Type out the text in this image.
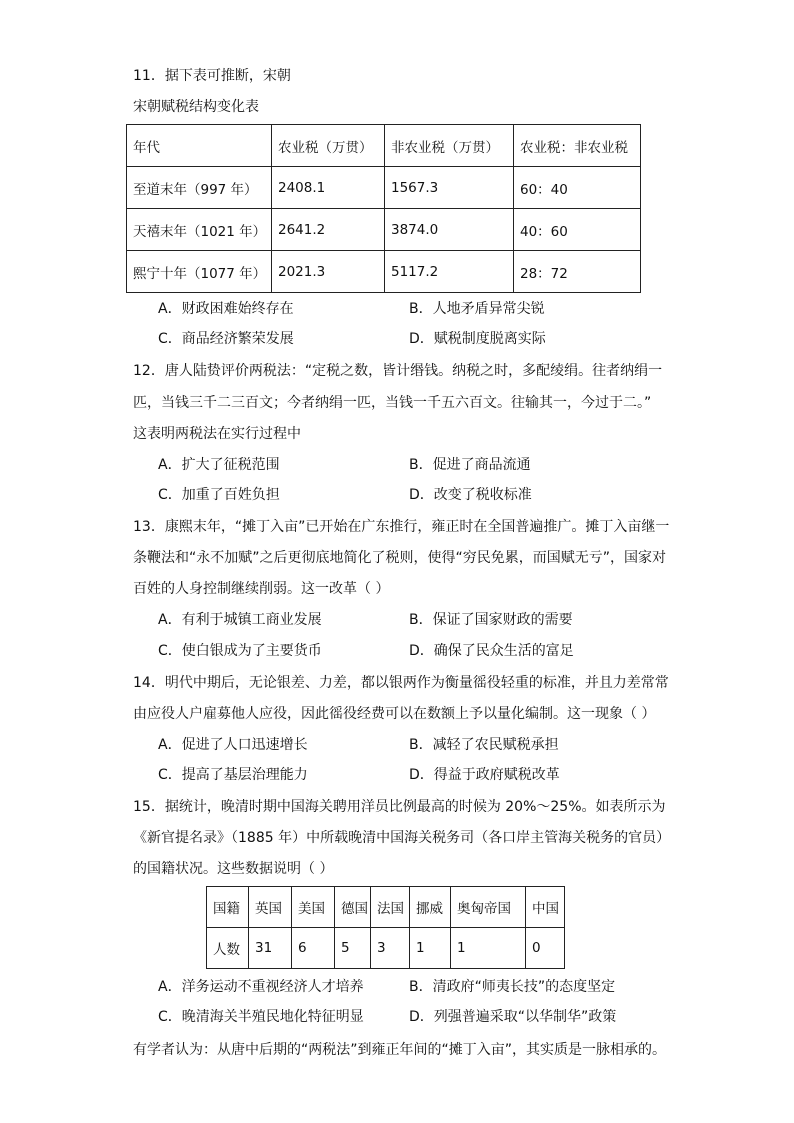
11．据下表可推断，宋朝
宋朝赋税结构变化表
年代	农业税（万贯）	非农业税（万贯）	农业税：非农业税
至道末年（997 年）	2408.1	1567.3	60：40
天禧末年（1021 年）	2641.2	3874.0	40：60
熙宁十年（1077 年）	2021.3	5117.2	28：72
A．财政困难始终存在	B．人地矛盾异常尖锐
C．商品经济繁荣发展	D．赋税制度脱离实际
12．唐人陆贽评价两税法：“定税之数，皆计缗钱。纳税之时，多配绫绢。往者纳绢一
匹，当钱三千二三百文；今者纳绢一匹，当钱一千五六百文。往输其一，今过于二。”
这表明两税法在实行过程中
A．扩大了征税范围	B．促进了商品流通
C．加重了百姓负担	D．改变了税收标准
13．康熙末年，“摊丁入亩”已开始在广东推行，雍正时在全国普遍推广。摊丁入亩继一
条鞭法和“永不加赋”之后更彻底地简化了税则，使得“穷民免累，而国赋无亏”，国家对
百姓的人身控制继续削弱。这一改革（ ）
A．有利于城镇工商业发展	B．保证了国家财政的需要
C．使白银成为了主要货币	D．确保了民众生活的富足
14．明代中期后，无论银差、力差，都以银两作为衡量徭役轻重的标准，并且力差常常
由应役人户雇募他人应役，因此徭役经费可以在数额上予以量化编制。这一现象（ ）
A．促进了人口迅速增长	B．减轻了农民赋税承担
C．提高了基层治理能力	D．得益于政府赋税改革
15．据统计，晚清时期中国海关聘用洋员比例最高的时候为 20%～25%。如表所示为
《新官提名录》（1885 年）中所载晚清中国海关税务司（各口岸主管海关税务的官员）
的国籍状况。这些数据说明（ ）
国籍	英国	美国	德国	法国	挪威	奥匈帝国	中国
人数	31	6	5	3	1	1	0
A．洋务运动不重视经济人才培养	B．清政府“师夷长技”的态度坚定
C．晚清海关半殖民地化特征明显	D．列强普遍采取“以华制华”政策
有学者认为：从唐中后期的“两税法”到雍正年间的“摊丁入亩”，其实质是一脉相承的。
